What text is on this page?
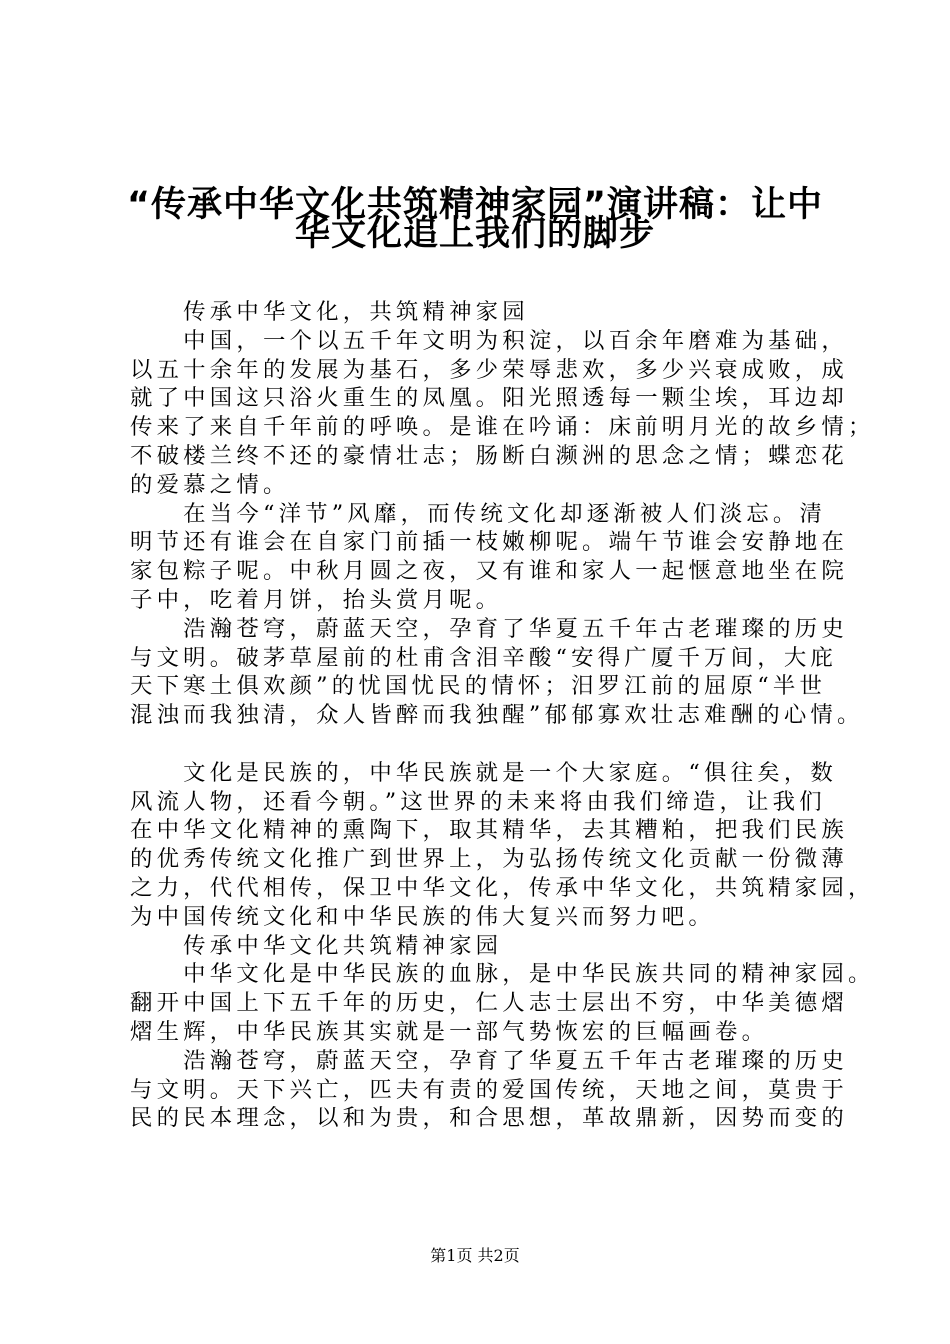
“传承中华文化共筑精神家园”演讲稿：让中
华文化追上我们的脚步
　　传承中华文化，共筑精神家园
　　中国，一个以五千年文明为积淀，以百余年磨难为基础，
以五十余年的发展为基石，多少荣辱悲欢，多少兴衰成败，成
就了中国这只浴火重生的凤凰。阳光照透每一颗尘埃，耳边却
传来了来自千年前的呼唤。是谁在吟诵：床前明月光的故乡情；
不破楼兰终不还的豪情壮志；肠断白濒洲的思念之情；蝶恋花
的爱慕之情。
　　在当今“洋节”风靡，而传统文化却逐渐被人们淡忘。清
明节还有谁会在自家门前插一枝嫩柳呢。端午节谁会安静地在
家包粽子呢。中秋月圆之夜，又有谁和家人一起惬意地坐在院
子中，吃着月饼，抬头赏月呢。
　　浩瀚苍穹，蔚蓝天空，孕育了华夏五千年古老璀璨的历史
与文明。破茅草屋前的杜甫含泪辛酸“安得广厦千万间，大庇
天下寒土俱欢颜”的忧国忧民的情怀；汨罗江前的屈原“半世
混浊而我独清，众人皆醉而我独醒”郁郁寡欢壮志难酬的心情。
　　文化是民族的，中华民族就是一个大家庭。“俱往矣，数
风流人物，还看今朝。”这世界的未来将由我们缔造，让我们
在中华文化精神的熏陶下，取其精华，去其糟粕，把我们民族
的优秀传统文化推广到世界上，为弘扬传统文化贡献一份微薄
之力，代代相传，保卫中华文化，传承中华文化，共筑精家园，
为中国传统文化和中华民族的伟大复兴而努力吧。
　　传承中华文化共筑精神家园
　　中华文化是中华民族的血脉，是中华民族共同的精神家园。
翻开中国上下五千年的历史，仁人志士层出不穷，中华美德熠
熠生辉，中华民族其实就是一部气势恢宏的巨幅画卷。
　　浩瀚苍穹，蔚蓝天空，孕育了华夏五千年古老璀璨的历史
与文明。天下兴亡，匹夫有责的爱国传统，天地之间，莫贵于
民的民本理念，以和为贵，和合思想，革故鼎新，因势而变的
第1页 共2页
